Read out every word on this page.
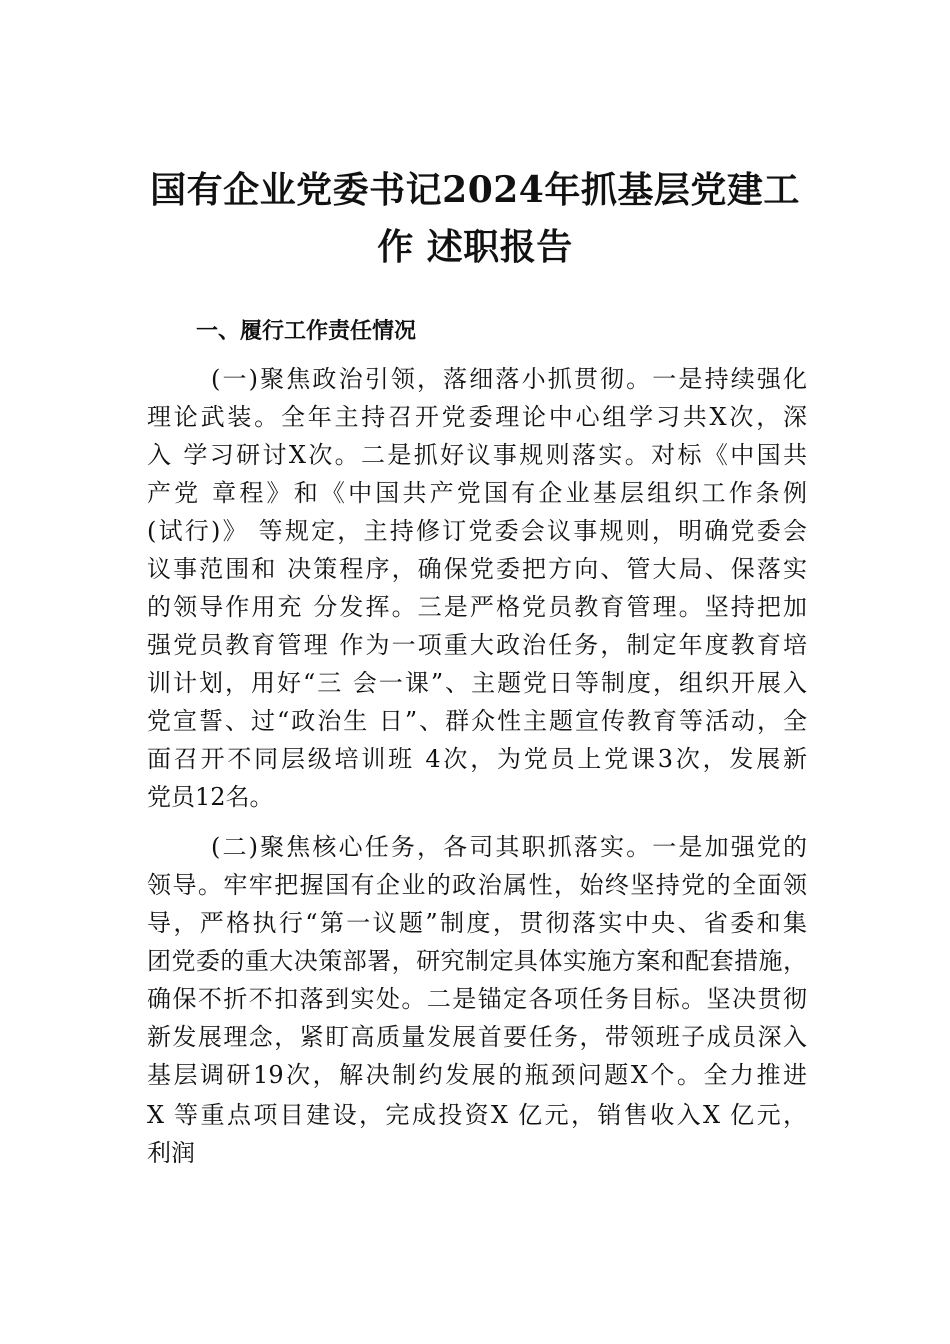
国有企业党委书记2024年抓基层党建工
作 述职报告
一、履行工作责任情况
(一)聚焦政治引领，落细落小抓贯彻。一是持续强化
理论武装。全年主持召开党委理论中心组学习共X次，深
入 学习研讨X次。二是抓好议事规则落实。对标《中国共
产党 章程》和《中国共产党国有企业基层组织工作条例
(试行)》 等规定，主持修订党委会议事规则，明确党委会
议事范围和 决策程序，确保党委把方向、管大局、保落实
的领导作用充 分发挥。三是严格党员教育管理。坚持把加
强党员教育管理 作为一项重大政治任务，制定年度教育培
训计划，用好“三 会一课”、主题党日等制度，组织开展入
党宣誓、过“政治生 日”、群众性主题宣传教育等活动，全
面召开不同层级培训班 4次，为党员上党课3次，发展新
党员12名。
(二)聚焦核心任务，各司其职抓落实。一是加强党的
领导。牢牢把握国有企业的政治属性，始终坚持党的全面领
导，严格执行“第一议题”制度，贯彻落实中央、省委和集
团党委的重大决策部署，研究制定具体实施方案和配套措施，
确保不折不扣落到实处。二是锚定各项任务目标。坚决贯彻
新发展理念，紧盯高质量发展首要任务，带领班子成员深入
基层调研19次，解决制约发展的瓶颈问题X个。全力推进
X 等重点项目建设，完成投资X 亿元，销售收入X 亿元，
利润
